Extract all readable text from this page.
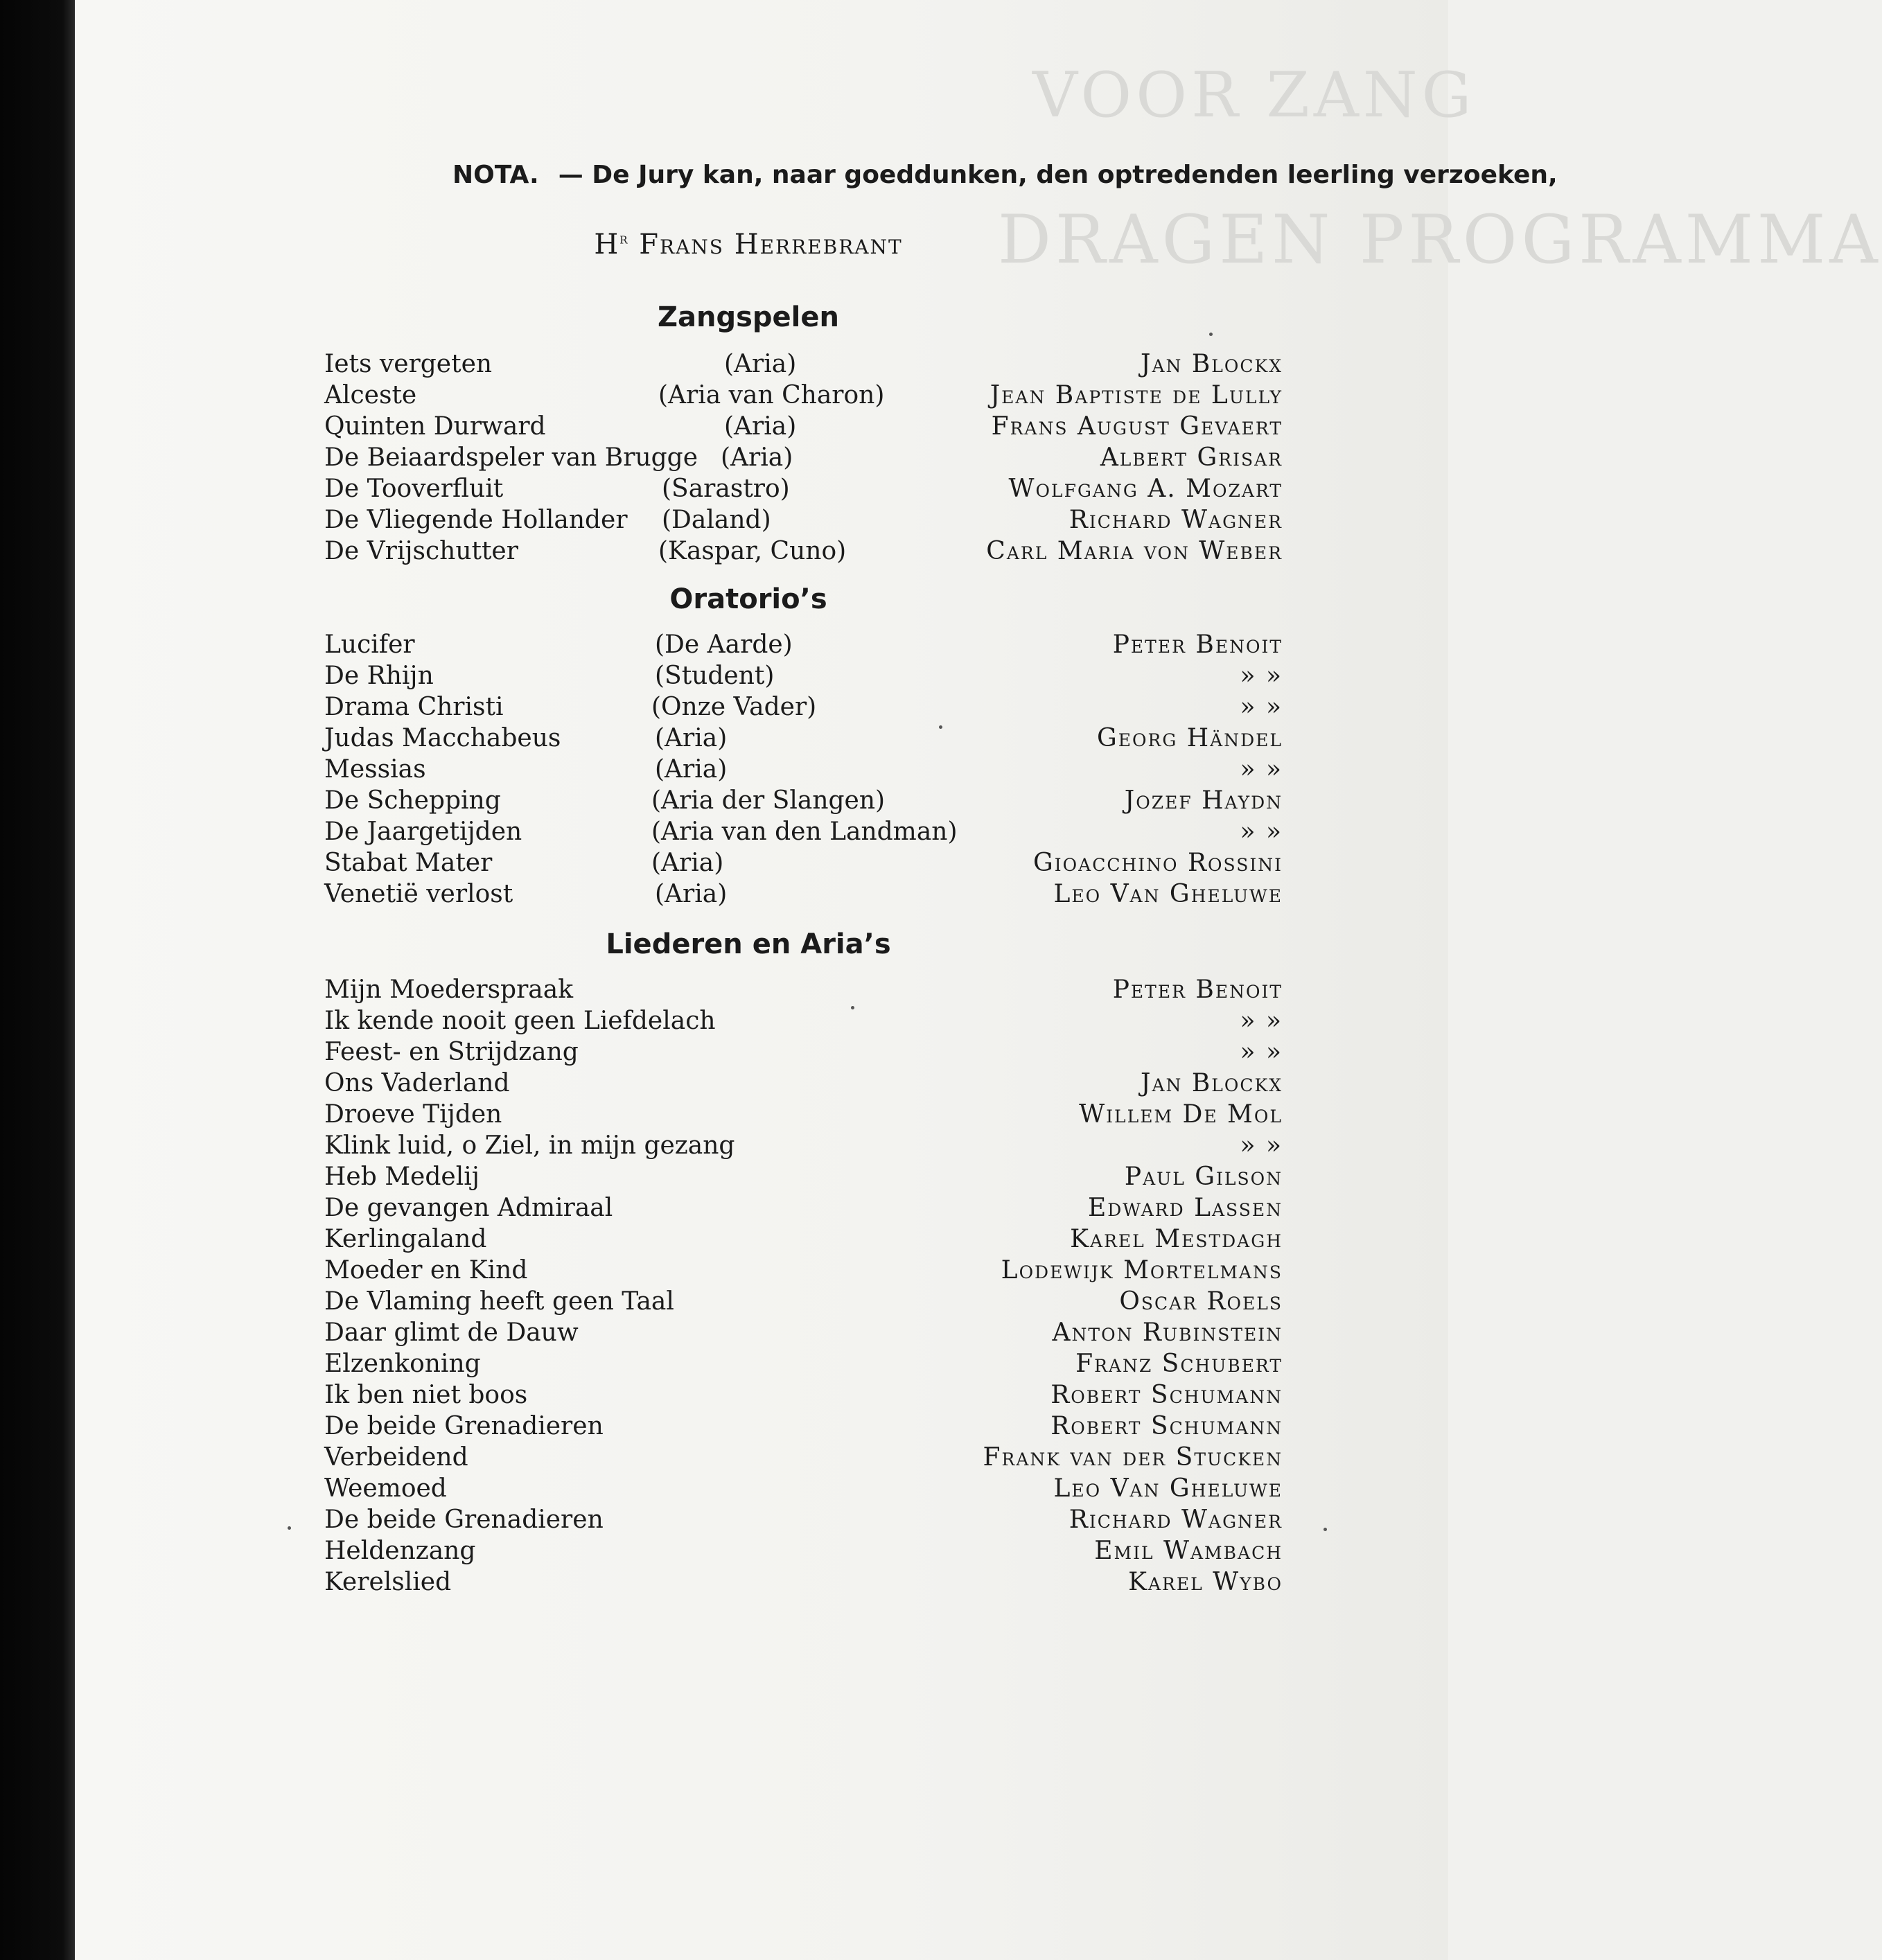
VOOR ZANG
DRAGEN PROGRAMMA
NOTA. — De Jury kan, naar goeddunken, den optredenden leerling verzoeken,
$H^r$ Frans Herrebrant
Zangspelen
Iets vergeten	(Aria)	Jan Blockx
Alceste	(Aria van Charon)	Jean Baptiste de Lully
Quinten Durward	(Aria)	Frans August Gevaert
De Beiaardspeler van Brugge (Aria)	Albert Grisar
De Tooverfluit	(Sarastro)	Wolfgang A. Mozart
De Vliegende Hollander (Daland)	Richard Wagner
De Vrijschutter	(Kaspar, Cuno)	Carl Maria von Weber
Oratorio’s
Lucifer	(De Aarde)	Peter Benoit
De Rhijn	(Student)	» »
Drama Christi	(Onze Vader)	» »
Judas Macchabeus	(Aria)	Georg Händel
Messias	(Aria)	» »
De Schepping	(Aria der Slangen)	Jozef Haydn
De Jaargetijden	(Aria van den Landman)	» »
Stabat Mater	(Aria)	Gioacchino Rossini
Venetië verlost	(Aria)	Leo Van Gheluwe
Liederen en Aria’s
Mijn Moederspraak	Peter Benoit
Ik kende nooit geen Liefdelach	» »
Feest- en Strijdzang	» »
Ons Vaderland	Jan Blockx
Droeve Tijden	Willem De Mol
Klink luid, o Ziel, in mijn gezang	» »
Heb Medelij	Paul Gilson
De gevangen Admiraal	Edward Lassen
Kerlingaland	Karel Mestdagh
Moeder en Kind	Lodewijk Mortelmans
De Vlaming heeft geen Taal	Oscar Roels
Daar glimt de Dauw	Anton Rubinstein
Elzenkoning	Franz Schubert
Ik ben niet boos	Robert Schumann
De beide Grenadieren	Robert Schumann
Verbeidend	Frank van der Stucken
Weemoed	Leo Van Gheluwe
De beide Grenadieren	Richard Wagner
Heldenzang	Emil Wambach
Kerelslied	Karel Wybo
